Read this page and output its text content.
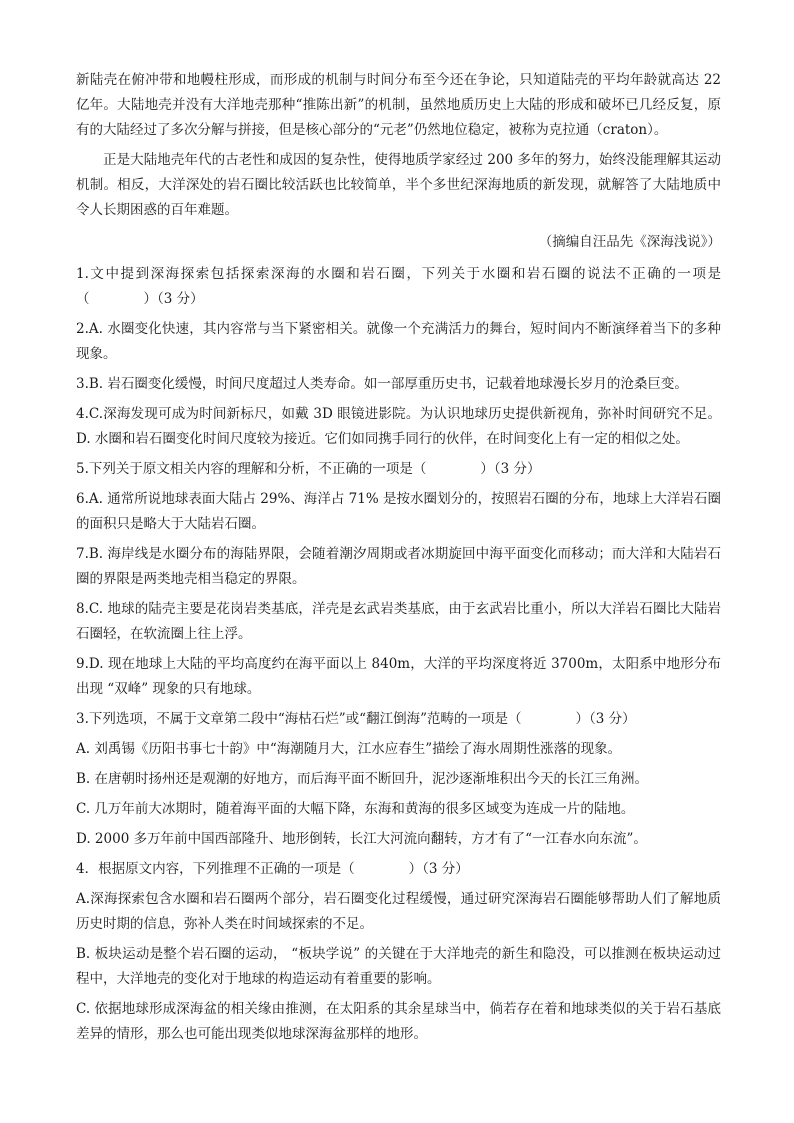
新陆壳在俯冲带和地幔柱形成，而形成的机制与时间分布至今还在争论，只知道陆壳的平均年龄就高达 22 亿年。大陆地壳并没有大洋地壳那种“推陈出新”的机制，虽然地质历史上大陆的形成和破坏已几经反复，原有的大陆经过了多次分解与拼接，但是核心部分的“元老”仍然地位稳定，被称为克拉通（craton）。

正是大陆地壳年代的古老性和成因的复杂性，使得地质学家经过 200 多年的努力，始终没能理解其运动机制。相反，大洋深处的岩石圈比较活跃也比较简单，半个多世纪深海地质的新发现，就解答了大陆地质中令人长期困惑的百年难题。

（摘编自汪品先《深海浅说》）

1.文中提到深海探索包括探索深海的水圈和岩石圈，下列关于水圈和岩石圈的说法不正确的一项是（　　　　）（3 分）

2.A. 水圈变化快速，其内容常与当下紧密相关。就像一个充满活力的舞台，短时间内不断演绎着当下的多种现象。

3.B. 岩石圈变化缓慢，时间尺度超过人类寿命。如一部厚重历史书，记载着地球漫长岁月的沧桑巨变。

4.C.深海发现可成为时间新标尺，如戴 3D 眼镜进影院。为认识地球历史提供新视角，弥补时间研究不足。D. 水圈和岩石圈变化时间尺度较为接近。它们如同携手同行的伙伴，在时间变化上有一定的相似之处。

5.下列关于原文相关内容的理解和分析，不正确的一项是（　　　　）（3 分）

6.A. 通常所说地球表面大陆占 29%、海洋占 71% 是按水圈划分的，按照岩石圈的分布，地球上大洋岩石圈的面积只是略大于大陆岩石圈。

7.B. 海岸线是水圈分布的海陆界限，会随着潮汐周期或者冰期旋回中海平面变化而移动；而大洋和大陆岩石圈的界限是两类地壳相当稳定的界限。

8.C. 地球的陆壳主要是花岗岩类基底，洋壳是玄武岩类基底，由于玄武岩比重小，所以大洋岩石圈比大陆岩石圈轻，在软流圈上往上浮。

9.D. 现在地球上大陆的平均高度约在海平面以上 840m，大洋的平均深度将近 3700m，太阳系中地形分布出现 “双峰” 现象的只有地球。

3.下列选项，不属于文章第二段中“海枯石烂”或“翻江倒海”范畴的一项是（　　　　）（3 分）

A. 刘禹锡《历阳书事七十韵》中“海潮随月大，江水应春生”描绘了海水周期性涨落的现象。

B. 在唐朝时扬州还是观潮的好地方，而后海平面不断回升，泥沙逐渐堆积出今天的长江三角洲。

C. 几万年前大冰期时，随着海平面的大幅下降，东海和黄海的很多区域变为连成一片的陆地。

D. 2000 多万年前中国西部隆升、地形倒转，长江大河流向翻转，方才有了“一江春水向东流”。

4．根据原文内容，下列推理不正确的一项是（　　　　）（3 分）

A.深海探索包含水圈和岩石圈两个部分，岩石圈变化过程缓慢，通过研究深海岩石圈能够帮助人们了解地质历史时期的信息，弥补人类在时间域探索的不足。

B. 板块运动是整个岩石圈的运动， “板块学说” 的关键在于大洋地壳的新生和隐没，可以推测在板块运动过程中，大洋地壳的变化对于地球的构造运动有着重要的影响。

C. 依据地球形成深海盆的相关缘由推测，在太阳系的其余星球当中，倘若存在着和地球类似的关于岩石基底差异的情形，那么也可能出现类似地球深海盆那样的地形。
